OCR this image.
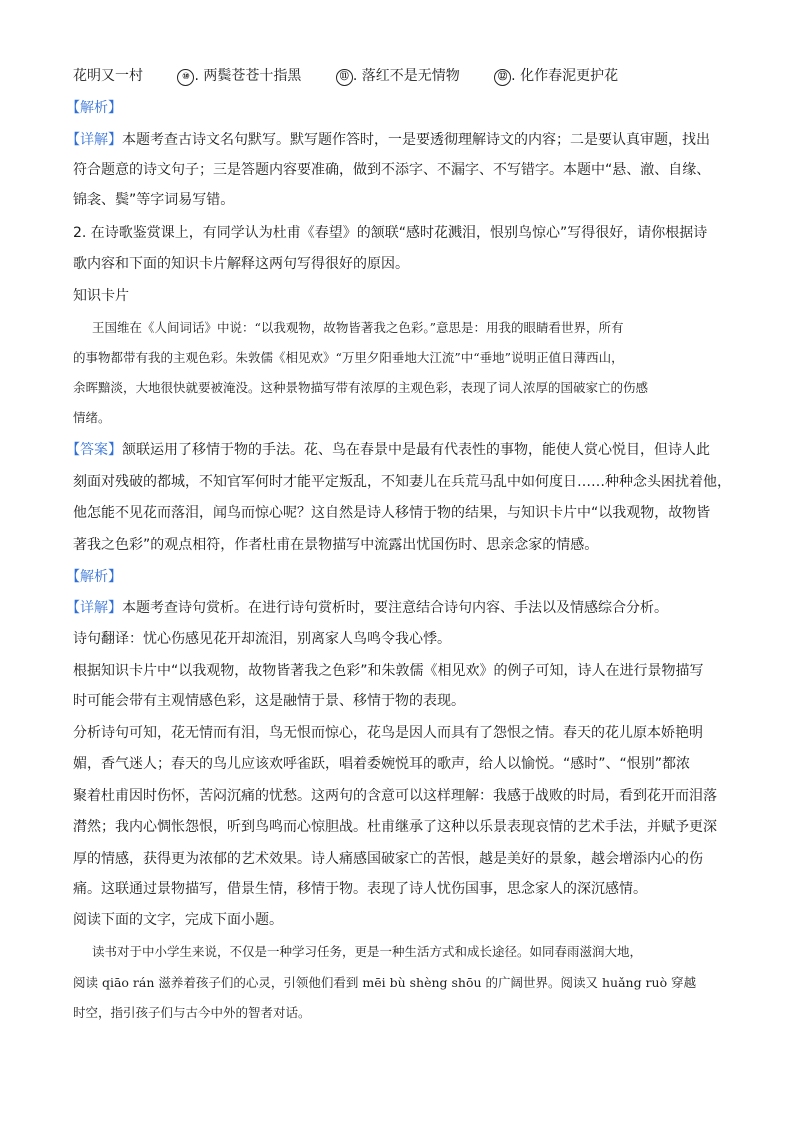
花明又一村	⑩ . 两鬓苍苍十指黑	⑪ . 落红不是无情物	⑫ . 化作春泥更护花
【解析】
【详解】本题考查古诗文名句默写。默写题作答时，一是要透彻理解诗文的内容；二是要认真审题，找出
符合题意的诗文句子；三是答题内容要准确，做到不添字、不漏字、不写错字。本题中“悬、澈、自缘、
锦衾、鬓”等字词易写错。
2. 在诗歌鉴赏课上，有同学认为杜甫《春望》的颔联“感时花溅泪，恨别鸟惊心”写得很好，请你根据诗
歌内容和下面的知识卡片解释这两句写得很好的原因。
知识卡片
王国维在《人间词话》中说：“以我观物，故物皆著我之色彩。”意思是：用我的眼睛看世界，所有
的事物都带有我的主观色彩。朱敦儒《相见欢》“万里夕阳垂地大江流”中“垂地”说明正值日薄西山，
余晖黯淡，大地很快就要被淹没。这种景物描写带有浓厚的主观色彩，表现了词人浓厚的国破家亡的伤感
情绪。
【答案】颔联运用了移情于物的手法。花、鸟在春景中是最有代表性的事物，能使人赏心悦目，但诗人此
刻面对残破的都城，不知官军何时才能平定叛乱，不知妻儿在兵荒马乱中如何度日……种种念头困扰着他，
他怎能不见花而落泪，闻鸟而惊心呢？这自然是诗人移情于物的结果，与知识卡片中“以我观物，故物皆
著我之色彩”的观点相符，作者杜甫在景物描写中流露出忧国伤时、思亲念家的情感。
【解析】
【详解】本题考查诗句赏析。在进行诗句赏析时，要注意结合诗句内容、手法以及情感综合分析。
诗句翻译：忧心伤感见花开却流泪，别离家人鸟鸣令我心悸。
根据知识卡片中“以我观物，故物皆著我之色彩”和朱敦儒《相见欢》的例子可知，诗人在进行景物描写
时可能会带有主观情感色彩，这是融情于景、移情于物的表现。
分析诗句可知，花无情而有泪，鸟无恨而惊心，花鸟是因人而具有了怨恨之情。春天的花儿原本娇艳明
媚，香气迷人；春天的鸟儿应该欢呼雀跃，唱着委婉悦耳的歌声，给人以愉悦。“感时”、“恨别”都浓
聚着杜甫因时伤怀，苦闷沉痛的忧愁。这两句的含意可以这样理解：我感于战败的时局，看到花开而泪落
潸然；我内心惆怅怨恨，听到鸟鸣而心惊胆战。杜甫继承了这种以乐景表现哀情的艺术手法，并赋予更深
厚的情感，获得更为浓郁的艺术效果。诗人痛感国破家亡的苦恨，越是美好的景象，越会增添内心的伤
痛。这联通过景物描写，借景生情，移情于物。表现了诗人忧伤国事，思念家人的深沉感情。
阅读下面的文字，完成下面小题。
读书对于中小学生来说，不仅是一种学习任务，更是一种生活方式和成长途径。如同春雨滋润大地，
阅读 qiāo rán 滋养着孩子们的心灵，引领他们看到 mēi bù shèng shōu 的广阔世界。阅读又 huǎng ruò 穿越
时空，指引孩子们与古今中外的智者对话。
